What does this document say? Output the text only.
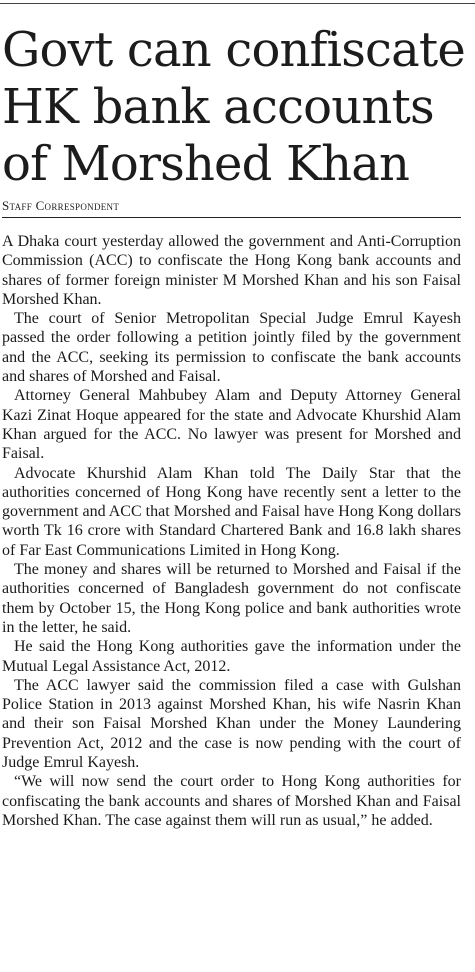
Govt can confiscate
HK bank accounts
of Morshed Khan
Staff Correspondent

A Dhaka court yesterday allowed the government and Anti-Corruption Commission (ACC) to confiscate the Hong Kong bank accounts and shares of former foreign minister M Morshed Khan and his son Faisal Morshed Khan.

The court of Senior Metropolitan Special Judge Emrul Kayesh passed the order following a petition jointly filed by the government and the ACC, seeking its permission to confiscate the bank accounts and shares of Morshed and Faisal.

Attorney General Mahbubey Alam and Deputy Attorney General Kazi Zinat Hoque appeared for the state and Advocate Khurshid Alam Khan argued for the ACC. No lawyer was present for Morshed and Faisal.

Advocate Khurshid Alam Khan told The Daily Star that the authorities concerned of Hong Kong have recently sent a letter to the government and ACC that Morshed and Faisal have Hong Kong dollars worth Tk 16 crore with Standard Chartered Bank and 16.8 lakh shares of Far East Communications Limited in Hong Kong.

The money and shares will be returned to Morshed and Faisal if the authorities concerned of Bangladesh government do not confiscate them by October 15, the Hong Kong police and bank authorities wrote in the letter, he said.

He said the Hong Kong authorities gave the information under the Mutual Legal Assistance Act, 2012.

The ACC lawyer said the commission filed a case with Gulshan Police Station in 2013 against Morshed Khan, his wife Nasrin Khan and their son Faisal Morshed Khan under the Money Laundering Prevention Act, 2012 and the case is now pending with the court of Judge Emrul Kayesh.

“We will now send the court order to Hong Kong authorities for confiscating the bank accounts and shares of Morshed Khan and Faisal Morshed Khan. The case against them will run as usual,” he added.
